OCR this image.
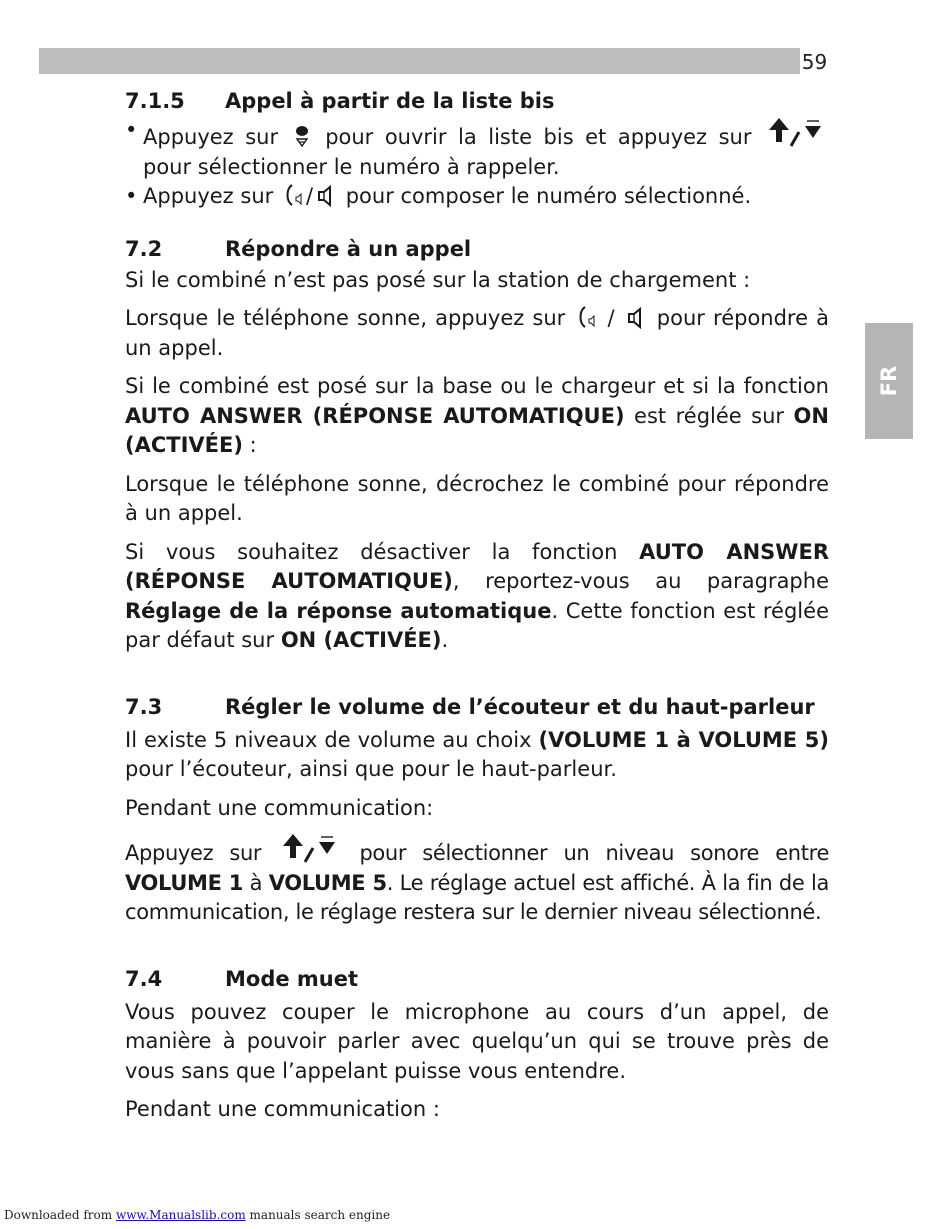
59
FR
7.1.5 Appel à partir de la liste bis
• Appuyez sur pour ouvrir la liste bis et appuyez sur  pour sélectionner le numéro à rappeler.
• Appuyez sur / pour composer le numéro sélectionné.
7.2	Répondre à un appel

Si le combiné n’est pas posé sur la station de chargement :

Lorsque le téléphone sonne, appuyez sur  /  pour répondre à un appel.

Si le combiné est posé sur la base ou le chargeur et si la fonction AUTO ANSWER (RÉPONSE AUTOMATIQUE) est réglée sur ON (ACTIVÉE) :

Lorsque le téléphone sonne, décrochez le combiné pour répondre à un appel.

Si vous souhaitez désactiver la fonction AUTO ANSWER (RÉPONSE AUTOMATIQUE), reportez-vous au paragraphe Réglage de la réponse automatique. Cette fonction est réglée par défaut sur ON (ACTIVÉE).

7.3	Régler le volume de l’écouteur et du haut-parleur

Il existe 5 niveaux de volume au choix (VOLUME 1 à VOLUME 5) pour l’écouteur, ainsi que pour le haut-parleur.

Pendant une communication:

Appuyez sur	pour sélectionner un niveau sonore entre VOLUME 1 à VOLUME 5. Le réglage actuel est affiché. À la fin de la communication, le réglage restera sur le dernier niveau sélectionné.

7.4	Mode muet

Vous pouvez couper le microphone au cours d’un appel, de manière à pouvoir parler avec quelqu’un qui se trouve près de vous sans que l’appelant puisse vous entendre.

Pendant une communication :

Downloaded from www.Manualslib.com manuals search engine
